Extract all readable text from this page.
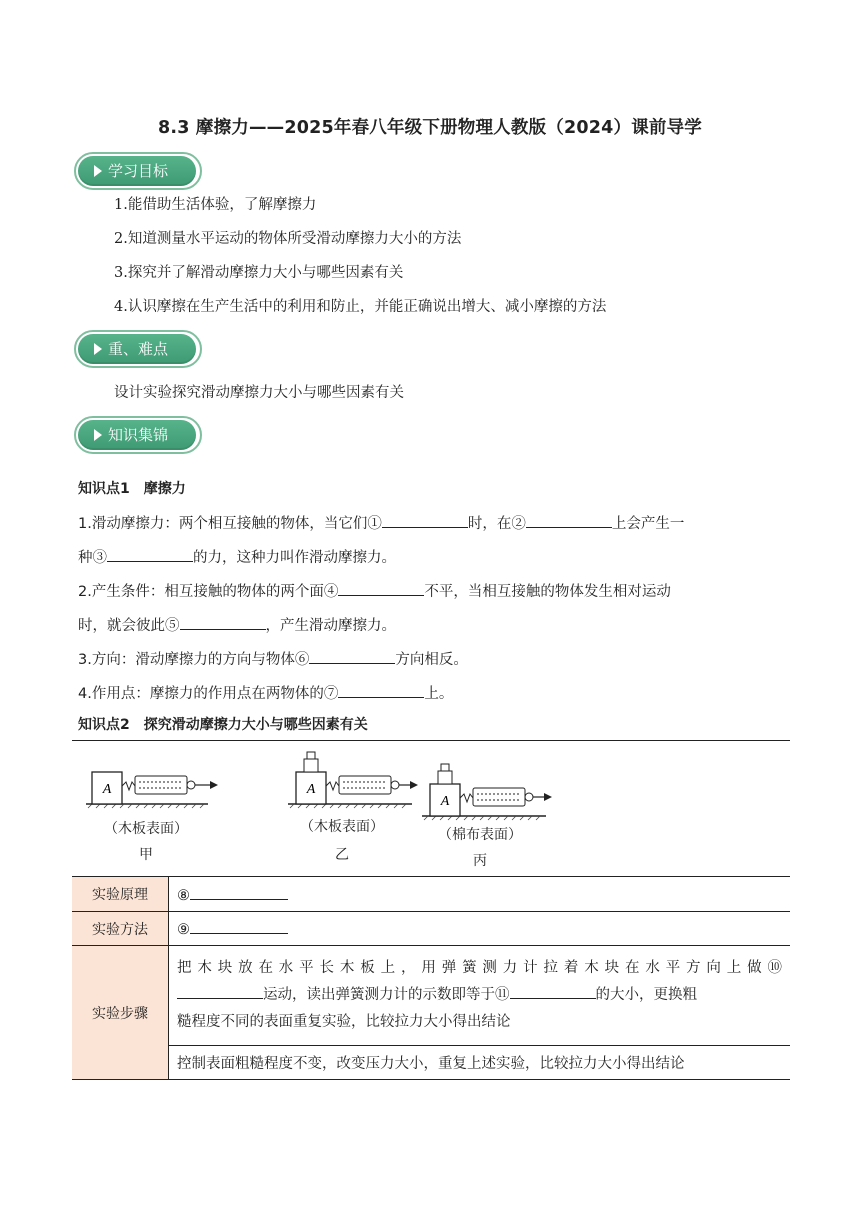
8.3 摩擦力——2025年春八年级下册物理人教版（2024）课前导学
学习目标
1.能借助生活体验，了解摩擦力
2.知道测量水平运动的物体所受滑动摩擦力大小的方法
3.探究并了解滑动摩擦力大小与哪些因素有关
4.认识摩擦在生产生活中的利用和防止，并能正确说出增大、减小摩擦的方法
重、难点
设计实验探究滑动摩擦力大小与哪些因素有关
知识集锦
知识点1　摩擦力
1.滑动摩擦力：两个相互接触的物体，当它们①	时，在②	上会产生一
种③	的力，这种力叫作滑动摩擦力。
2.产生条件：相互接触的物体的两个面④	不平，当相互接触的物体发生相对运动
时，就会彼此⑤	，产生滑动摩擦力。
3.方向：滑动摩擦力的方向与物体⑥	方向相反。
4.作用点：摩擦力的作用点在两物体的⑦	上。
知识点2　探究滑动摩擦力大小与哪些因素有关
A	A
A
（木板表面）
甲
（木板表面）
乙
（棉布表面）
丙
实验原理	⑧
实验方法	⑨
实验步骤	把木块放在水平长木板上，用弹簧测力计拉着木块在水平方向上做⑩
运动，读出弹簧测力计的示数即等于⑪ 的大小，更换粗
糙程度不同的表面重复实验，比较拉力大小得出结论

	控制表面粗糙程度不变，改变压力大小，重复上述实验，比较拉力大小得出结论
